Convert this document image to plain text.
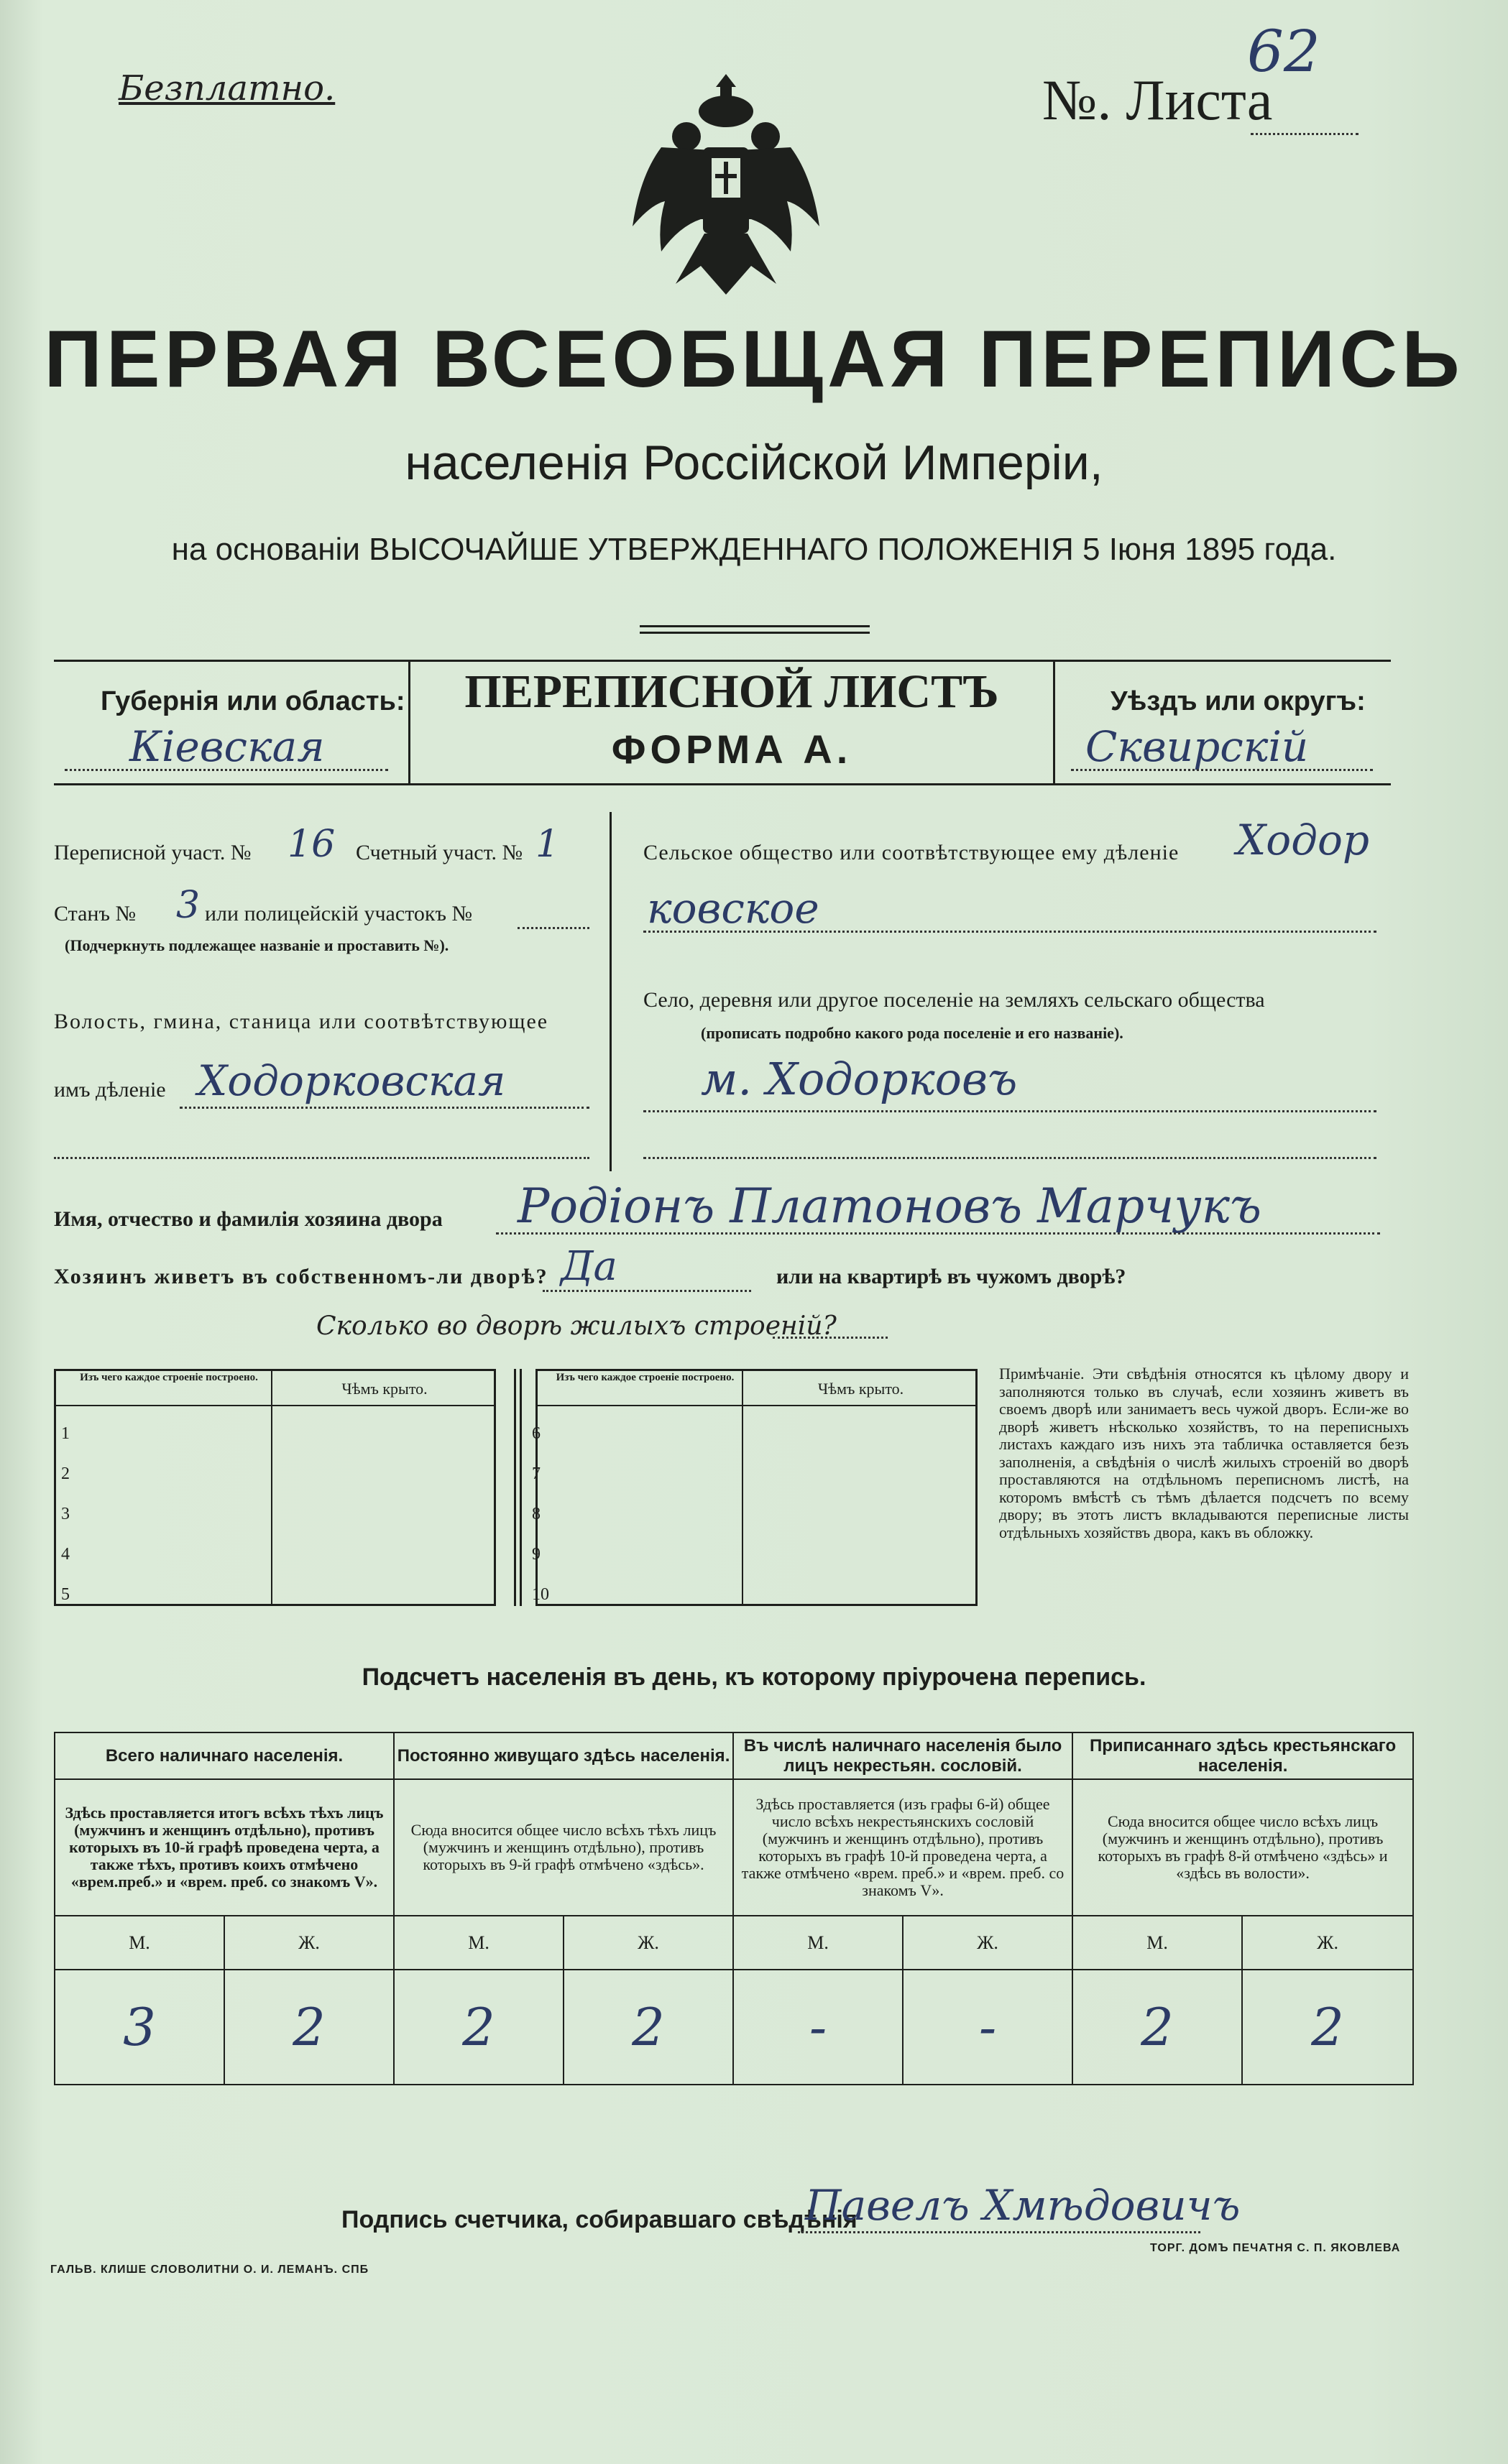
Безплатно.	№. Листа
62
ПЕРВАЯ ВСЕОБЩАЯ ПЕРЕПИСЬ
населенія Россійской Имперіи,
на основаніи ВЫСОЧАЙШЕ УТВЕРЖДЕННАГО ПОЛОЖЕНІЯ 5 Іюня 1895 года.
Губернія или область:
Кіевская
ПЕРЕПИСНОЙ ЛИСТЪ
ФОРМА А.
Уѣздъ или округъ:
Сквирскій
Переписной участ. № 16 Счетный участ. № 1
Станъ № 3 или полицейскій участокъ №
(Подчеркнуть подлежащее названіе и проставить №).
Волость, гмина, станица или соотвѣтствующее
имъ дѣленіе Ходорковская
Сельское общество или соотвѣтствующее ему дѣленіе Ходор
ковское
Село, деревня или другое поселеніе на земляхъ сельскаго общества
(прописать подробно какого рода поселеніе и его названіе).
м. Ходорковъ
Имя, отчество и фамилія хозяина двора Родіонъ Платоновъ Марчукъ
Хозяинъ живетъ въ собственномъ-ли дворѣ? Да	или на квартирѣ въ чужомъ дворѣ?
Сколько во дворѣ жилыхъ строеній?
Изъ чего каждое строеніе построено.
Чѣмъ крыто.
Изъ чего каждое строеніе построено.
Чѣмъ крыто.
1
2
3
4
5
6
7
8
9
10
Примѣчаніе. Эти свѣдѣнія относятся къ цѣлому двору и заполняются только въ случаѣ, если хозяинъ живетъ въ своемъ дворѣ или занимаетъ весь чужой дворъ. Если-же во дворѣ живетъ нѣсколько хозяйствъ, то на переписныхъ листахъ каждаго изъ нихъ эта табличка оставляется безъ заполненія, а свѣдѣнія о числѣ жилыхъ строеній во дворѣ проставляются на отдѣльномъ переписномъ листѣ, на которомъ вмѣстѣ съ тѣмъ дѣлается подсчетъ по всему двору; въ этотъ листъ вкладываются переписные листы отдѣльныхъ хозяйствъ двора, какъ въ обложку.
Подсчетъ населенія въ день, къ которому пріурочена перепись.
Всего наличнаго населенія.		Постоянно живущаго здѣсь населенія.		Въ числѣ наличнаго населенія было лицъ некрестьян. сословій.		Приписаннаго здѣсь крестьянскаго населенія.	
Здѣсь проставляется итогъ всѣхъ тѣхъ лицъ (мужчинъ и женщинъ отдѣльно), противъ которыхъ въ 10-й графѣ проведена черта, а также тѣхъ, противъ коихъ отмѣчено «врем.преб.» и «врем. преб. со знакомъ V».		Сюда вносится общее число всѣхъ тѣхъ лицъ (мужчинъ и женщинъ отдѣльно), противъ которыхъ въ 9-й графѣ отмѣчено «здѣсь».		Здѣсь проставляется (изъ графы 6-й) общее число всѣхъ некрестьянскихъ сословій (мужчинъ и женщинъ отдѣльно), противъ которыхъ въ графѣ 10-й проведена черта, а также отмѣчено «врем. преб.» и «врем. преб. со знакомъ V».		Сюда вносится общее число всѣхъ лицъ (мужчинъ и женщинъ отдѣльно), противъ которыхъ въ графѣ 8-й отмѣчено «здѣсь» и «здѣсь въ волости».	
М.	Ж.	М.	Ж.	М.	Ж.	М.	Ж.
3	2	2	2	-	-	2	2
Подпись счетчика, собиравшаго свѣдѣнія
Павелъ Хмѣдовичъ
ГАЛЬВ. КЛИШЕ СЛОВОЛИТНИ О. И. ЛЕМАНЪ. СПБ
ТОРГ. ДОМЪ ПЕЧАТНЯ С. П. ЯКОВЛЕВА
